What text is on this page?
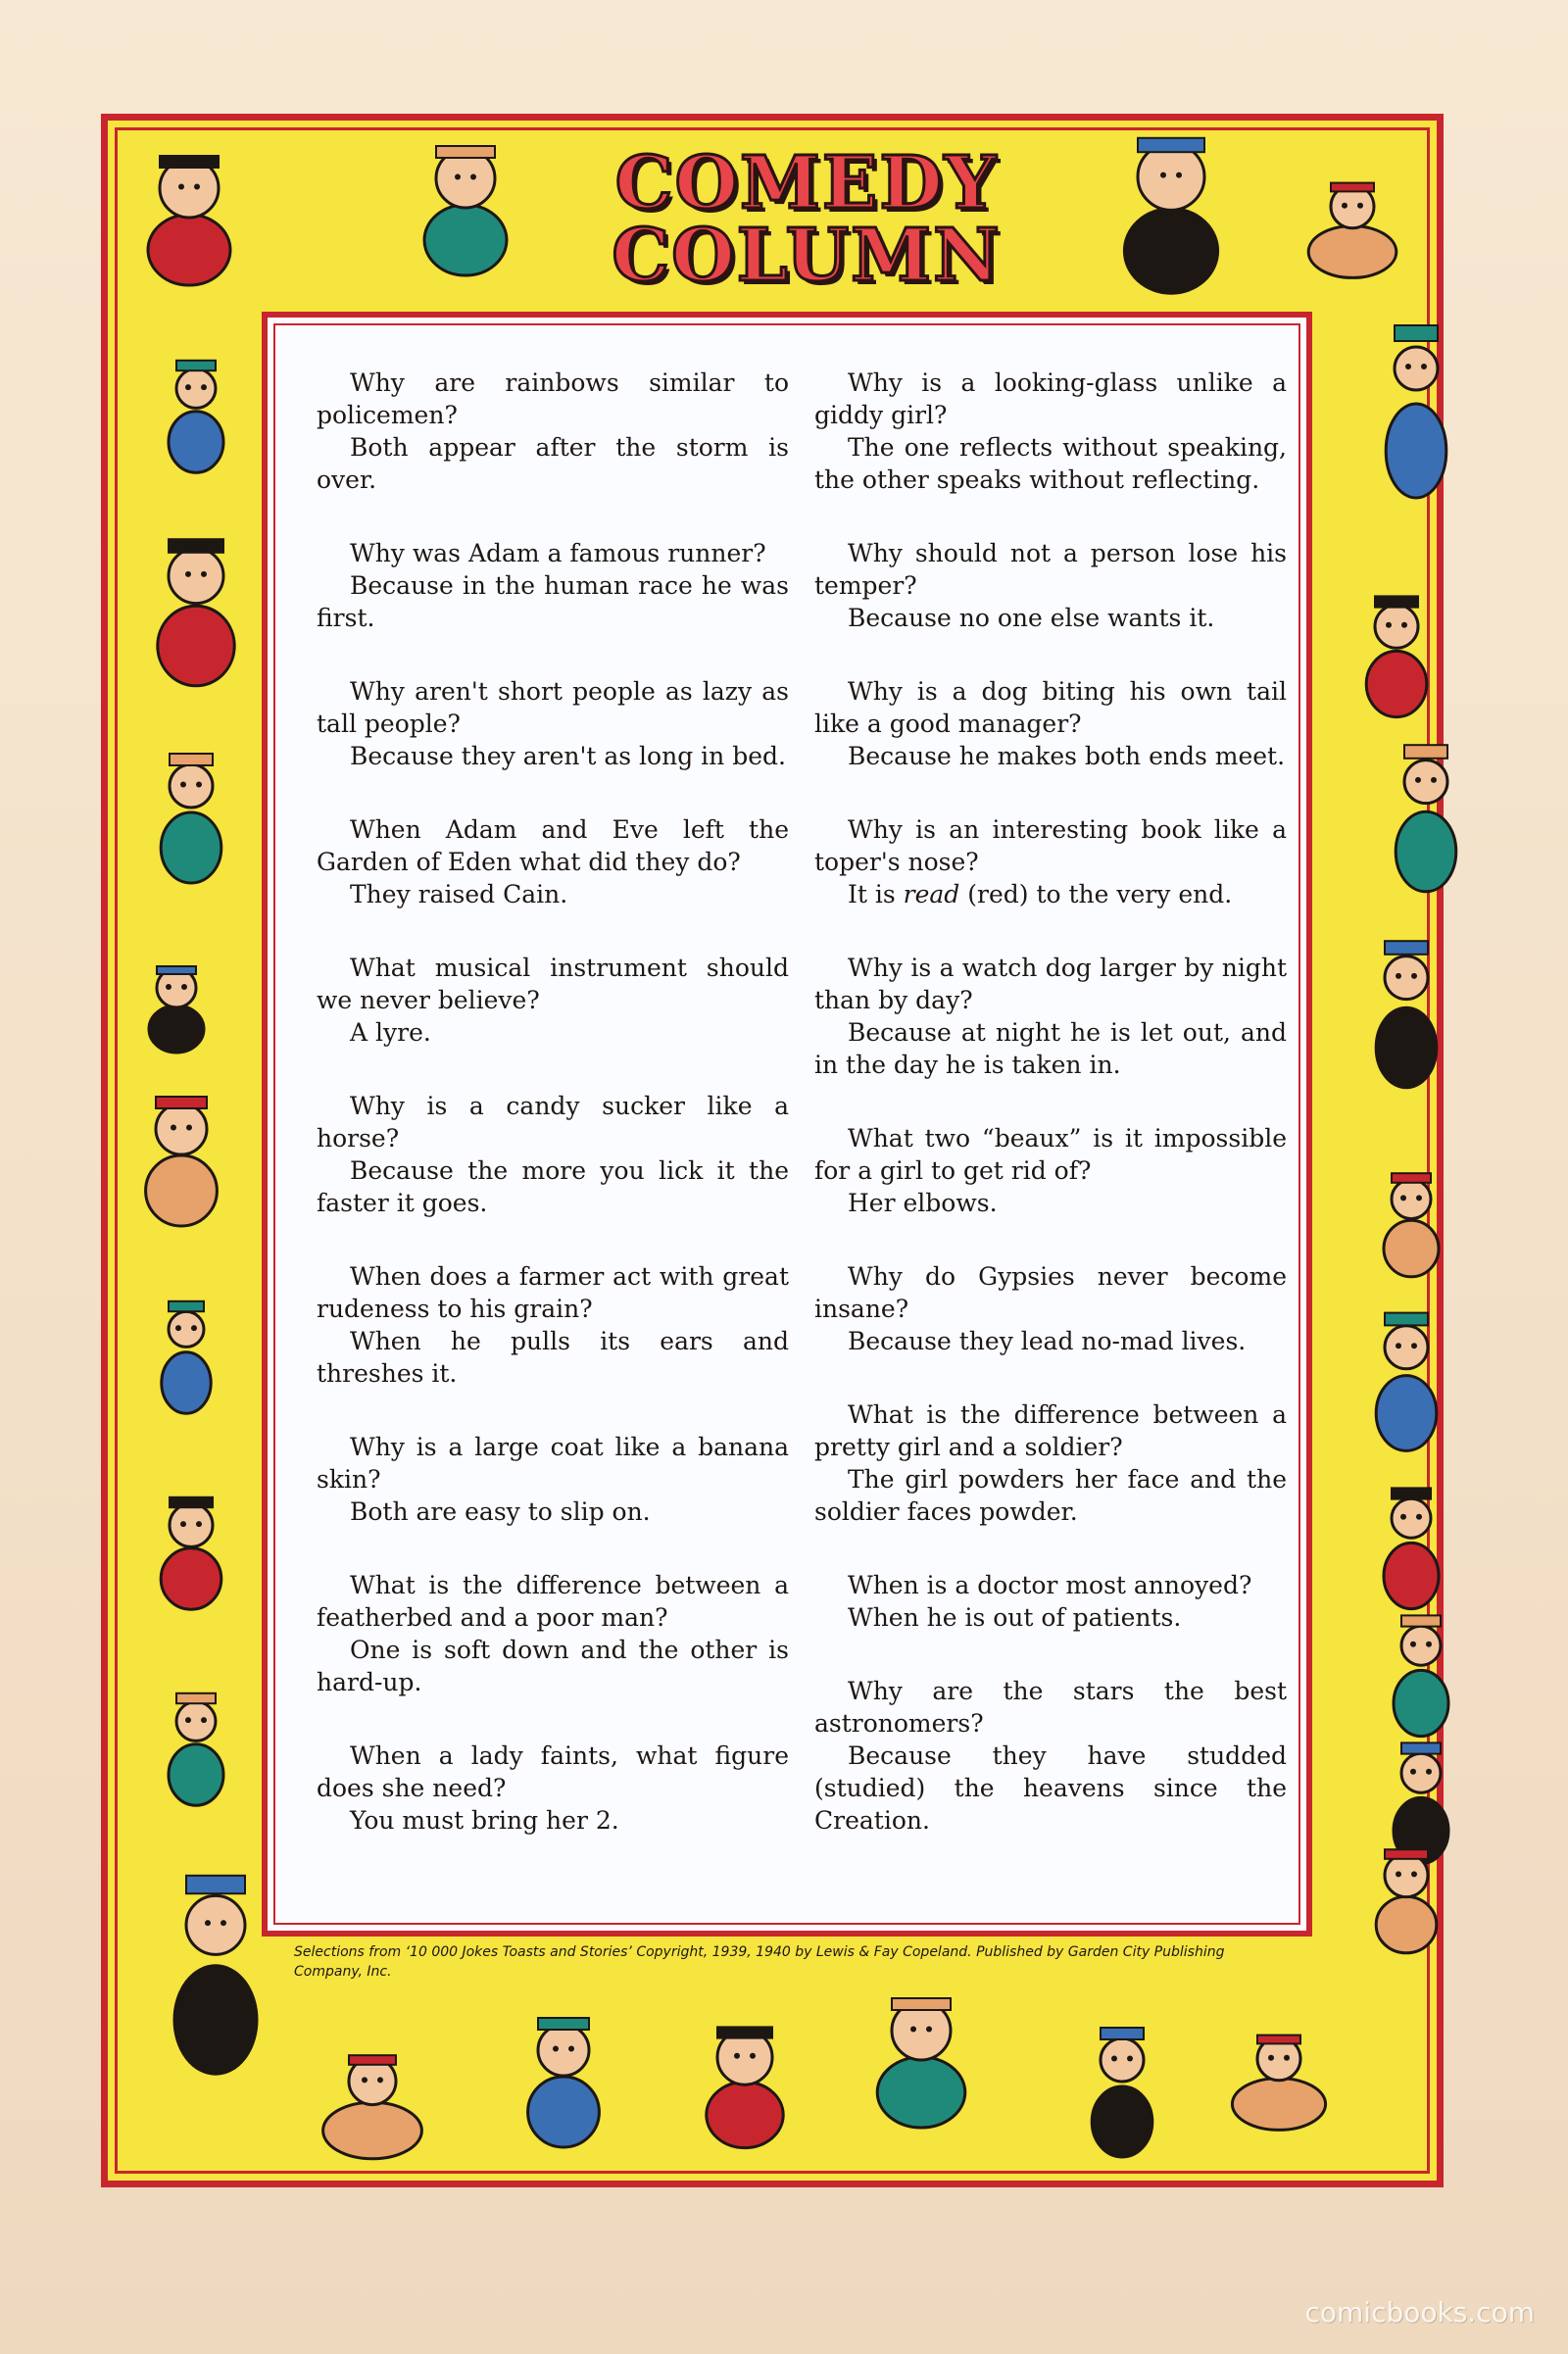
COMEDY
COLUMN

Why are rainbows similar to policemen?

Both appear after the storm is over.

Why was Adam a famous runner?

Because in the human race he was first.

Why aren't short people as lazy as tall people?

Because they aren't as long in bed.

When Adam and Eve left the Garden of Eden what did they do?

They raised Cain.

What musical instrument should we never believe?

A lyre.

Why is a candy sucker like a horse?

Because the more you lick it the faster it goes.

When does a farmer act with great rudeness to his grain?

When he pulls its ears and threshes it.

Why is a large coat like a banana skin?

Both are easy to slip on.

What is the difference between a featherbed and a poor man?

One is soft down and the other is hard-up.

When a lady faints, what figure does she need?

You must bring her 2.

Why is a looking-glass unlike a giddy girl?

The one reflects without speaking, the other speaks without reflecting.

Why should not a person lose his temper?

Because no one else wants it.

Why is a dog biting his own tail like a good manager?

Because he makes both ends meet.

Why is an interesting book like a toper's nose?

It is read (red) to the very end.

Why is a watch dog larger by night than by day?

Because at night he is let out, and in the day he is taken in.

What two “beaux” is it impossible for a girl to get rid of?

Her elbows.

Why do Gypsies never become insane?

Because they lead no-mad lives.

What is the difference between a pretty girl and a soldier?

The girl powders her face and the soldier faces powder.

When is a doctor most annoyed?

When he is out of patients.

Why are the stars the best astronomers?

Because they have studded (studied) the heavens since the Creation.

Selections from ‘10 000 Jokes Toasts and Stories’ Copyright, 1939, 1940 by Lewis & Fay Copeland. Published by Garden City Publishing Company, Inc.
comicbooks.com
